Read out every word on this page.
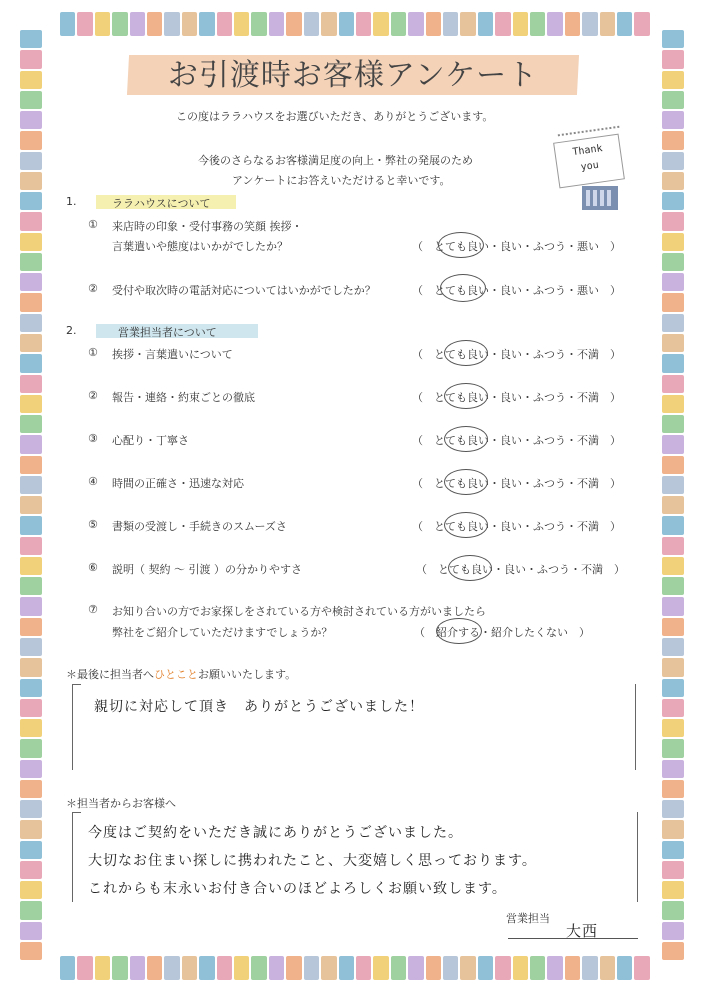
お引渡時お客様アンケート
この度はララハウスをお選びいただき、ありがとうございます。
今後のさらなるお客様満足度の向上・弊社の発展のため
アンケートにお答えいただけると幸いです。
Thank
you
1.	ララハウスについて
① 来店時の印象・受付事務の笑顔 挨拶・
言葉遣いや態度はいかがでしたか？	（　とても良い・良い・ふつう・悪い　）
② 受付や取次時の電話対応についてはいかがでしたか？	（　とても良い・良い・ふつう・悪い　）
2.	営業担当者について
① 挨拶・言葉遣いについて	（　とても良い・良い・ふつう・不満　）
② 報告・連絡・約束ごとの徹底	（　とても良い・良い・ふつう・不満　）
③ 心配り・丁寧さ	（　とても良い・良い・ふつう・不満　）
④ 時間の正確さ・迅速な対応	（　とても良い・良い・ふつう・不満　）
⑤ 書類の受渡し・手続きのスムーズさ	（　とても良い・良い・ふつう・不満　）
⑥ 説明（ 契約 〜 引渡 ）の分かりやすさ	（　とても良い・良い・ふつう・不満　）
⑦ お知り合いの方でお家探しをされている方や検討されている方がいましたら
弊社をご紹介していただけますでしょうか？	（　紹介する・紹介したくない　）
＊最後に担当者へひとことお願いいたします。
親切に対応して頂き　ありがとうございました！
＊担当者からお客様へ
今度はご契約をいただき誠にありがとうございました。
大切なお住まい探しに携われたこと、大変嬉しく思っております。
これからも末永いお付き合いのほどよろしくお願い致します。
営業担当
大西
